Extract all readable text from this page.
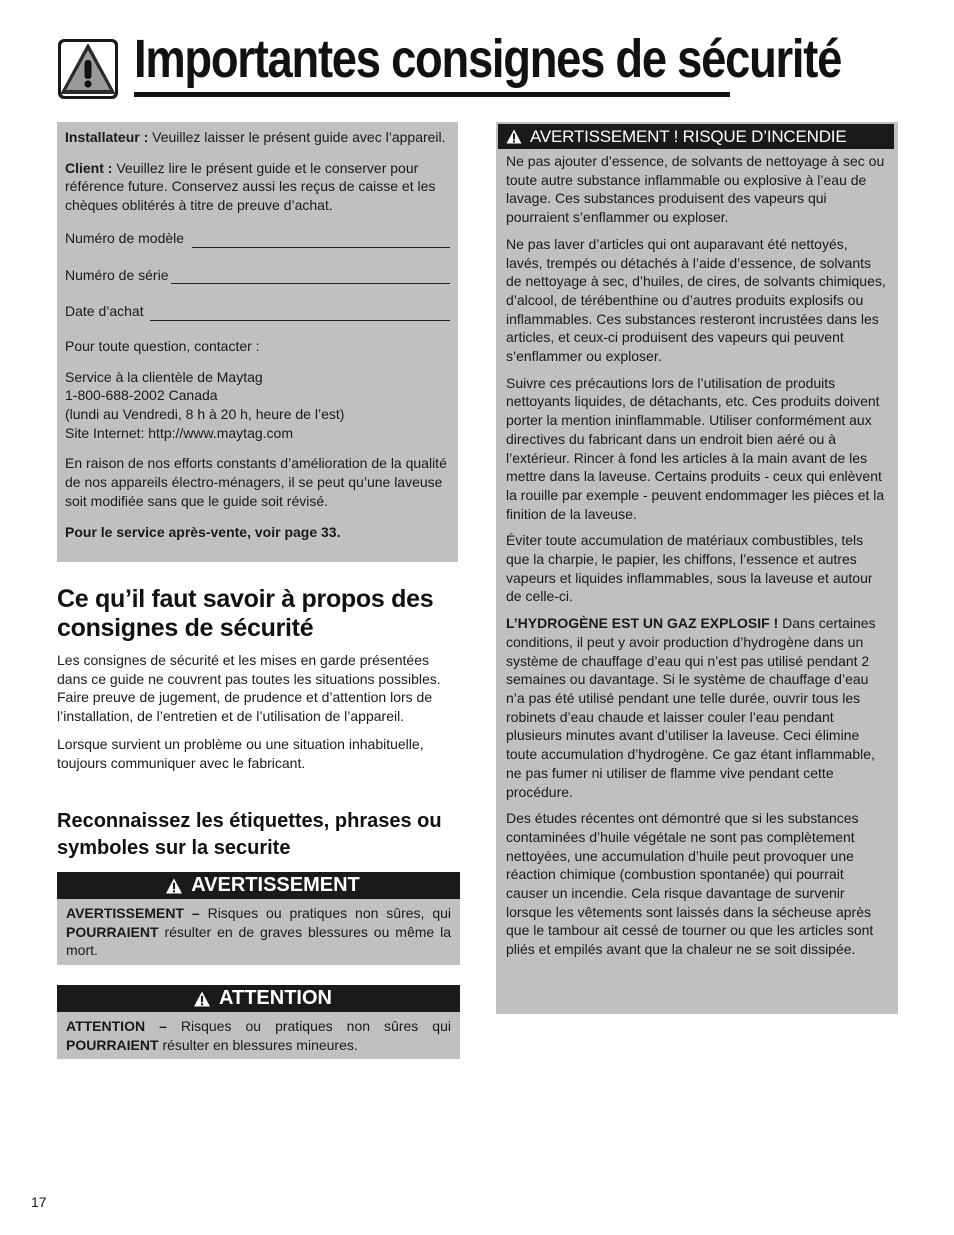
Importantes consignes de sécurité

Installateur : Veuillez laisser le présent guide avec l’appareil.

Client : Veuillez lire le présent guide et le conserver pour référence future. Conservez aussi les reçus de caisse et les chèques oblitérés à titre de preuve d’achat.

Numéro de modèle
Numéro de série
Date d’achat

Pour toute question, contacter :

Service à la clientèle de Maytag
1-800-688-2002 Canada
(lundi au Vendredi, 8 h à 20 h, heure de l’est)
Site Internet: http://www.maytag.com

En raison de nos efforts constants d’amélioration de la qualité de nos appareils électro-ménagers, il se peut qu’une laveuse soit modifiée sans que le guide soit révisé.

Pour le service après-vente, voir page 33.

Ce qu’il faut savoir à propos des consignes de sécurité

Les consignes de sécurité et les mises en garde présentées dans ce guide ne couvrent pas toutes les situations possibles. Faire preuve de jugement, de prudence et d’attention lors de l’installation, de l’entretien et de l’utilisation de l’appareil.

Lorsque survient un problème ou une situation inhabituelle, toujours communiquer avec le fabricant.

Reconnaissez les étiquettes, phrases ou symboles sur la securite
AVERTISSEMENT
AVERTISSEMENT – Risques ou pratiques non sûres, qui POURRAIENT résulter en de graves blessures ou même la mort.
ATTENTION
ATTENTION – Risques ou pratiques non sûres qui POURRAIENT résulter en blessures mineures.
AVERTISSEMENT ! RISQUE D’INCENDIE

Ne pas ajouter d’essence, de solvants de nettoyage à sec ou toute autre substance inflammable ou explosive à l’eau de lavage. Ces substances produisent des vapeurs qui pourraient s’enflammer ou exploser.

Ne pas laver d’articles qui ont auparavant été nettoyés, lavés, trempés ou détachés à l’aide d’essence, de solvants de nettoyage à sec, d’huiles, de cires, de solvants chimiques, d’alcool, de térébenthine ou d’autres produits explosifs ou inflammables. Ces substances resteront incrustées dans les articles, et ceux-ci produisent des vapeurs qui peuvent s’enflammer ou exploser.

Suivre ces précautions lors de l’utilisation de produits nettoyants liquides, de détachants, etc. Ces produits doivent porter la mention ininflammable. Utiliser conformément aux directives du fabricant dans un endroit bien aéré ou à l’extérieur. Rincer à fond les articles à la main avant de les mettre dans la laveuse. Certains produits - ceux qui enlèvent la rouille par exemple - peuvent endommager les pièces et la finition de la laveuse.

Éviter toute accumulation de matériaux combustibles, tels que la charpie, le papier, les chiffons, l’essence et autres vapeurs et liquides inflammables, sous la laveuse et autour de celle-ci.

L’HYDROGÈNE EST UN GAZ EXPLOSIF ! Dans certaines conditions, il peut y avoir production d’hydrogène dans un système de chauffage d’eau qui n’est pas utilisé pendant 2 semaines ou davantage. Si le système de chauffage d’eau n’a pas été utilisé pendant une telle durée, ouvrir tous les robinets d’eau chaude et laisser couler l’eau pendant plusieurs minutes avant d’utiliser la laveuse. Ceci élimine toute accumulation d’hydrogène. Ce gaz étant inflammable, ne pas fumer ni utiliser de flamme vive pendant cette procédure.

Des études récentes ont démontré que si les substances contaminées d’huile végétale ne sont pas complètement nettoyées, une accumulation d’huile peut provoquer une réaction chimique (combustion spontanée) qui pourrait causer un incendie. Cela risque davantage de survenir lorsque les vêtements sont laissés dans la sécheuse après que le tambour ait cessé de tourner ou que les articles sont pliés et empilés avant que la chaleur ne se soit dissipée.

17
